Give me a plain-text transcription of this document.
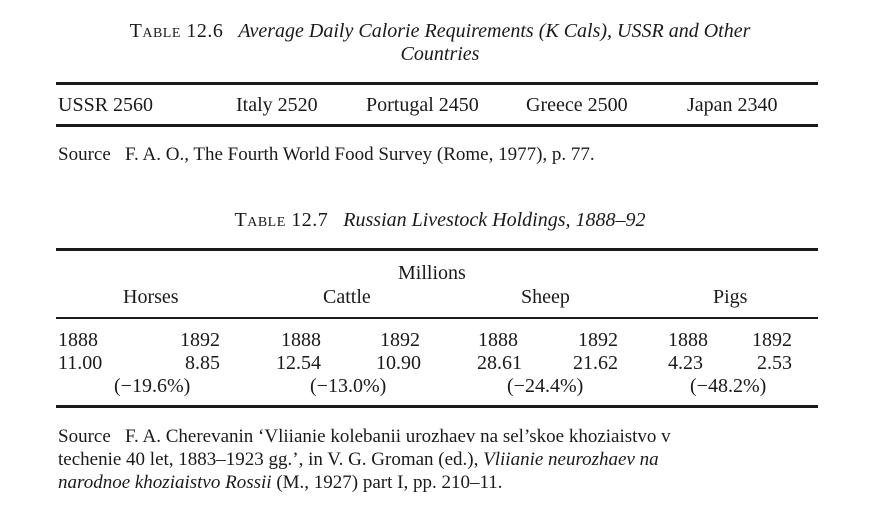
Table 12.6 Average Daily Calorie Requirements (K Cals), USSR and Other
Countries
USSR 2560	Italy 2520 Portugal 2450 Greece 2500	Japan 2340
Source F. A. O., The Fourth World Food Survey (Rome, 1977), p. 77.
Table 12.7 Russian Livestock Holdings, 1888–92
Millions
Horses	Cattle	Sheep	Pigs
1888	1892
11.00	8.85
(−19.6%)
1888	1892
12.54	10.90
(−13.0%)
1888	1892
28.61	21.62
(−24.4%)
1888 1892
4.23	2.53
(−48.2%)
Source F. A. Cherevanin ‘Vliianie kolebanii urozhaev na sel’skoe khoziaistvo v
techenie 40 let, 1883–1923 gg.’, in V. G. Groman (ed.), Vliianie neurozhaev na
narodnoe khoziaistvo Rossii (M., 1927) part I, pp. 210–11.
